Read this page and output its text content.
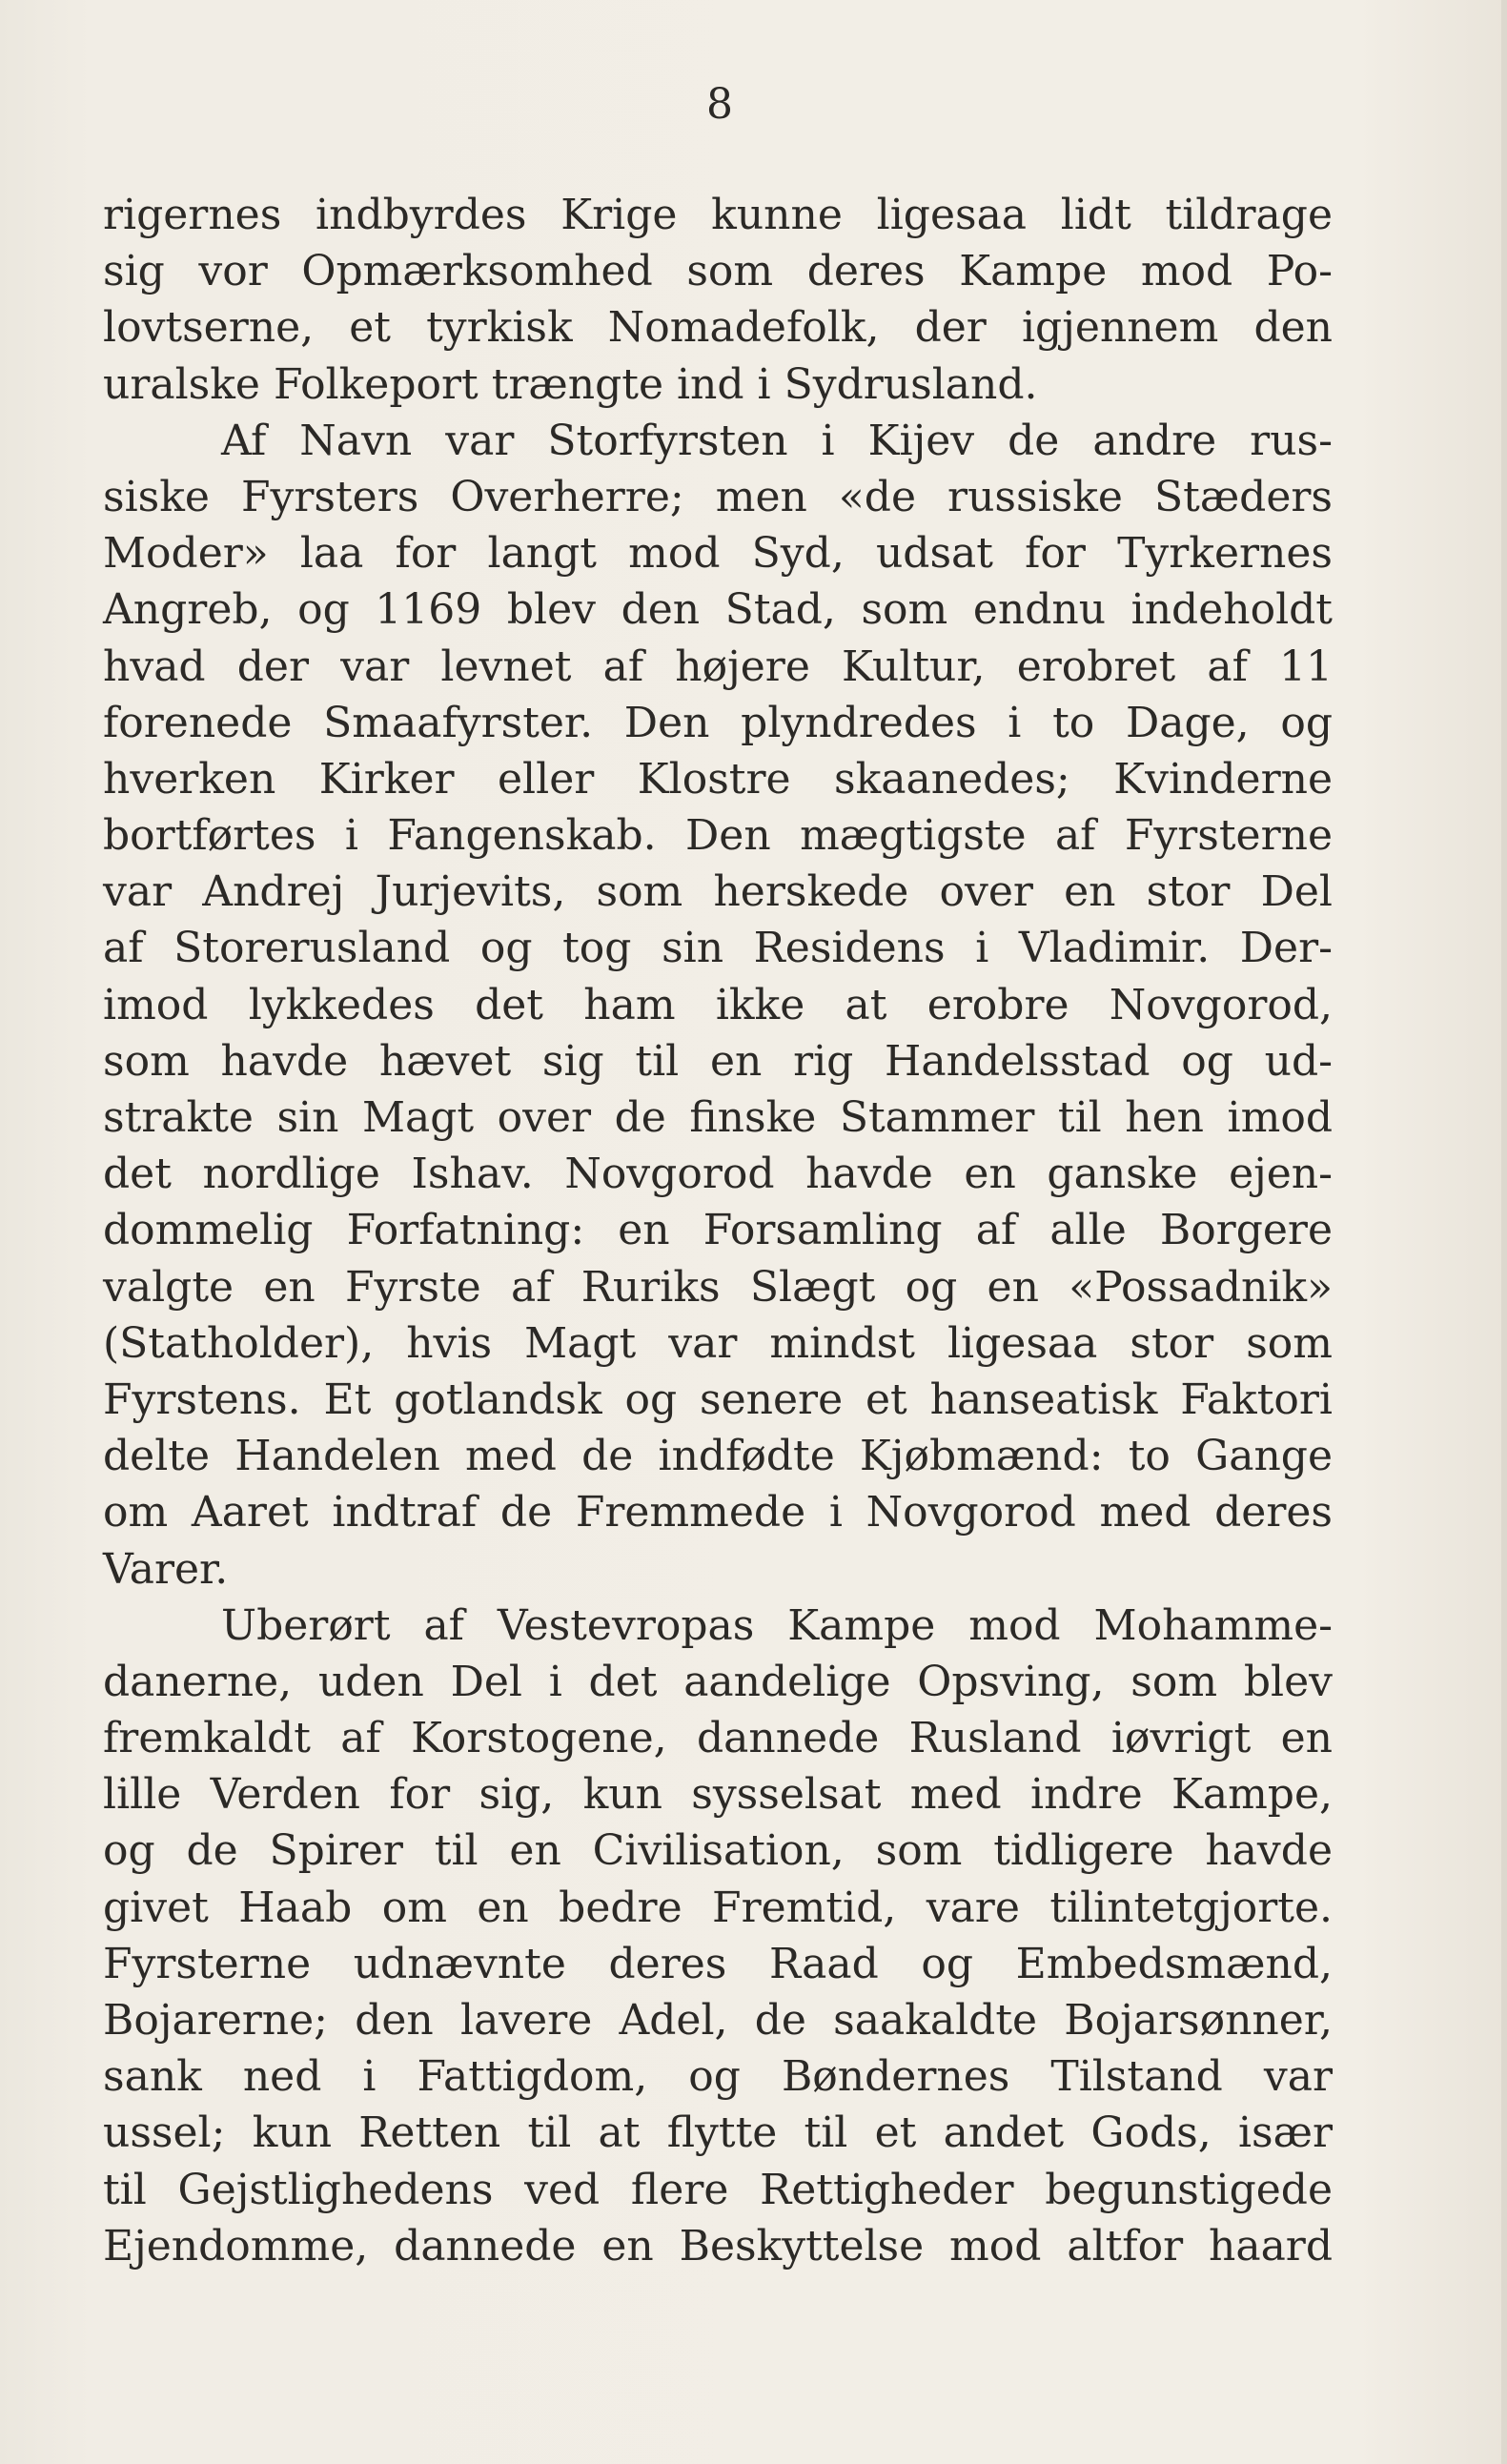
8
rigernes indbyrdes Krige kunne ligesaa lidt tildrage
sig vor Opmærksomhed som deres Kampe mod Po-
lovtserne, et tyrkisk Nomadefolk, der igjennem den
uralske Folkeport trængte ind i Sydrusland.
Af Navn var Storfyrsten i Kijev de andre rus-
siske Fyrsters Overherre; men «de russiske Stæders
Moder» laa for langt mod Syd, udsat for Tyrkernes
Angreb, og 1169 blev den Stad, som endnu indeholdt
hvad der var levnet af højere Kultur, erobret af 11
forenede Smaafyrster. Den plyndredes i to Dage, og
hverken Kirker eller Klostre skaanedes; Kvinderne
bortførtes i Fangenskab. Den mægtigste af Fyrsterne
var Andrej Jurjevits, som herskede over en stor Del
af Storerusland og tog sin Residens i Vladimir. Der-
imod lykkedes det ham ikke at erobre Novgorod,
som havde hævet sig til en rig Handelsstad og ud-
strakte sin Magt over de finske Stammer til hen imod
det nordlige Ishav. Novgorod havde en ganske ejen-
dommelig Forfatning: en Forsamling af alle Borgere
valgte en Fyrste af Ruriks Slægt og en «Possadnik»
(Statholder), hvis Magt var mindst ligesaa stor som
Fyrstens. Et gotlandsk og senere et hanseatisk Faktori
delte Handelen med de indfødte Kjøbmænd: to Gange
om Aaret indtraf de Fremmede i Novgorod med deres
Varer.
Uberørt af Vestevropas Kampe mod Mohamme-
danerne, uden Del i det aandelige Opsving, som blev
fremkaldt af Korstogene, dannede Rusland iøvrigt en
lille Verden for sig, kun sysselsat med indre Kampe,
og de Spirer til en Civilisation, som tidligere havde
givet Haab om en bedre Fremtid, vare tilintetgjorte.
Fyrsterne udnævnte deres Raad og Embedsmænd,
Bojarerne; den lavere Adel, de saakaldte Bojarsønner,
sank ned i Fattigdom, og Bøndernes Tilstand var
ussel; kun Retten til at flytte til et andet Gods, især
til Gejstlighedens ved flere Rettigheder begunstigede
Ejendomme, dannede en Beskyttelse mod altfor haard
